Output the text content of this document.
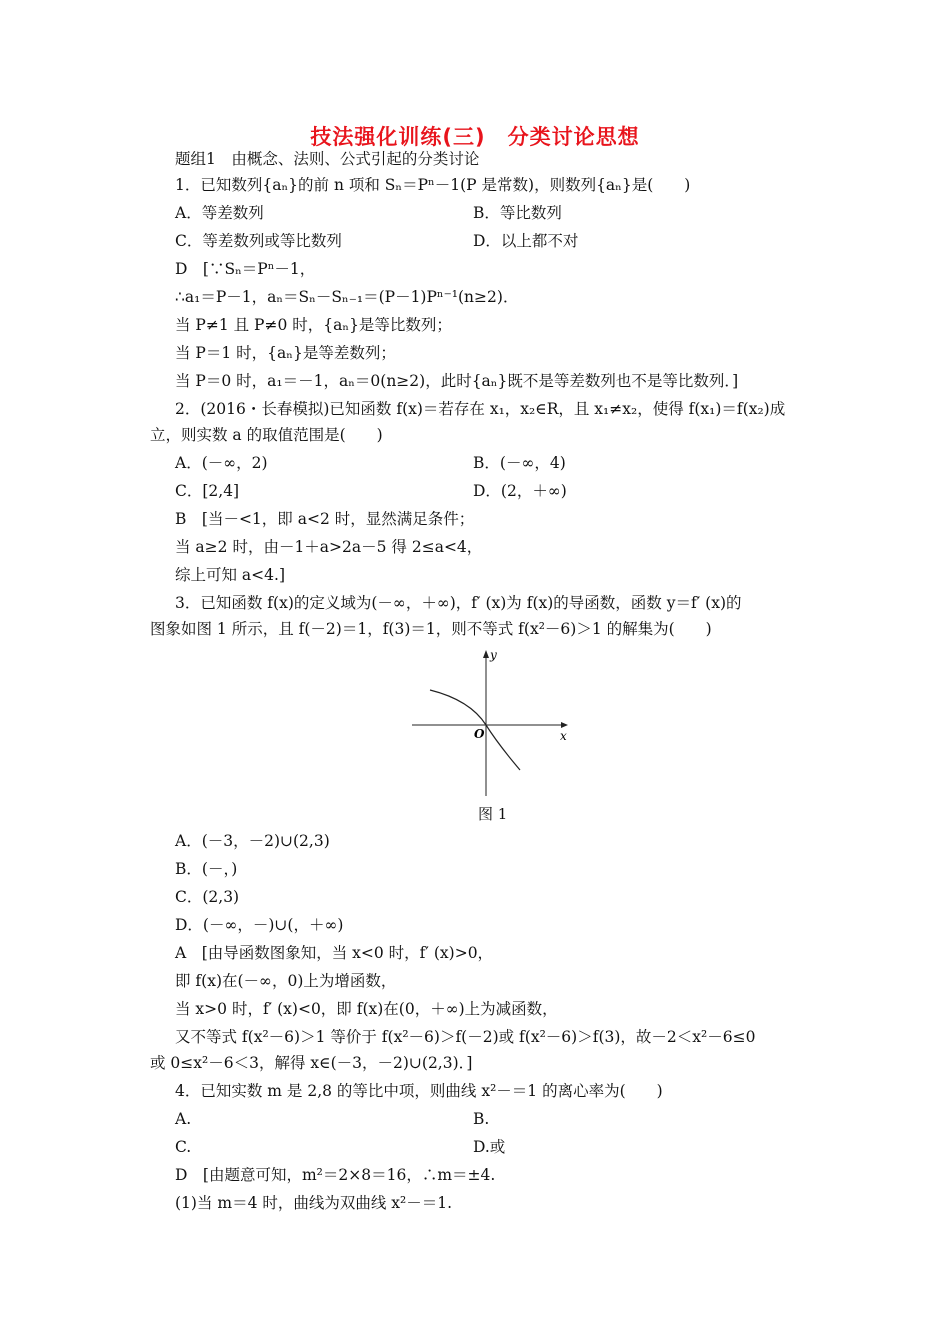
技法强化训练(三)　分类讨论思想
题组1　由概念、法则、公式引起的分类讨论
1．已知数列{aₙ}的前 n 项和 Sₙ＝Pⁿ－1(P 是常数)，则数列{aₙ}是(　　)
A．等差数列	B．等比数列
C．等差数列或等比数列	D．以上都不对
D　[∵Sₙ＝Pⁿ－1，
∴a₁＝P－1，aₙ＝Sₙ－Sₙ₋₁＝(P－1)Pⁿ⁻¹(n≥2)．
当 P≠1 且 P≠0 时，{aₙ}是等比数列；
当 P＝1 时，{aₙ}是等差数列；
当 P＝0 时，a₁＝－1，aₙ＝0(n≥2)，此时{aₙ}既不是等差数列也不是等比数列．]
2．(2016・长春模拟)已知函数 f(x)＝若存在 x₁，x₂∈R，且 x₁≠x₂，使得 f(x₁)＝f(x₂)成
立，则实数 a 的取值范围是(　　)
A．(－∞，2)	B．(－∞，4)
C．[2,4]	D．(2，＋∞)
B　[当－<1，即 a<2 时，显然满足条件；
当 a≥2 时，由－1＋a>2a－5 得 2≤a<4，
综上可知 a<4.]
3．已知函数 f(x)的定义域为(－∞，＋∞)，f′ (x)为 f(x)的导函数，函数 y＝f′ (x)的
图象如图 1 所示，且 f(－2)＝1，f(3)＝1，则不等式 f(x²－6)＞1 的解集为(　　)
y
x
O
图 1
A．(－3，－2)∪(2,3)
B．(－，)
C．(2,3)
D．(－∞，－)∪(，＋∞)
A　[由导函数图象知，当 x<0 时，f′ (x)>0，
即 f(x)在(－∞，0)上为增函数，
当 x>0 时，f′ (x)<0，即 f(x)在(0，＋∞)上为减函数，
又不等式 f(x²－6)＞1 等价于 f(x²－6)＞f(－2)或 f(x²－6)＞f(3)，故－2＜x²－6≤0
或 0≤x²－6＜3，解得 x∈(－3，－2)∪(2,3)．]
4．已知实数 m 是 2,8 的等比中项，则曲线 x²－＝1 的离心率为(　　)
A.	B.
C.	D.或
D　[由题意可知，m²＝2×8＝16，∴m＝±4.
(1)当 m＝4 时，曲线为双曲线 x²－＝1.
